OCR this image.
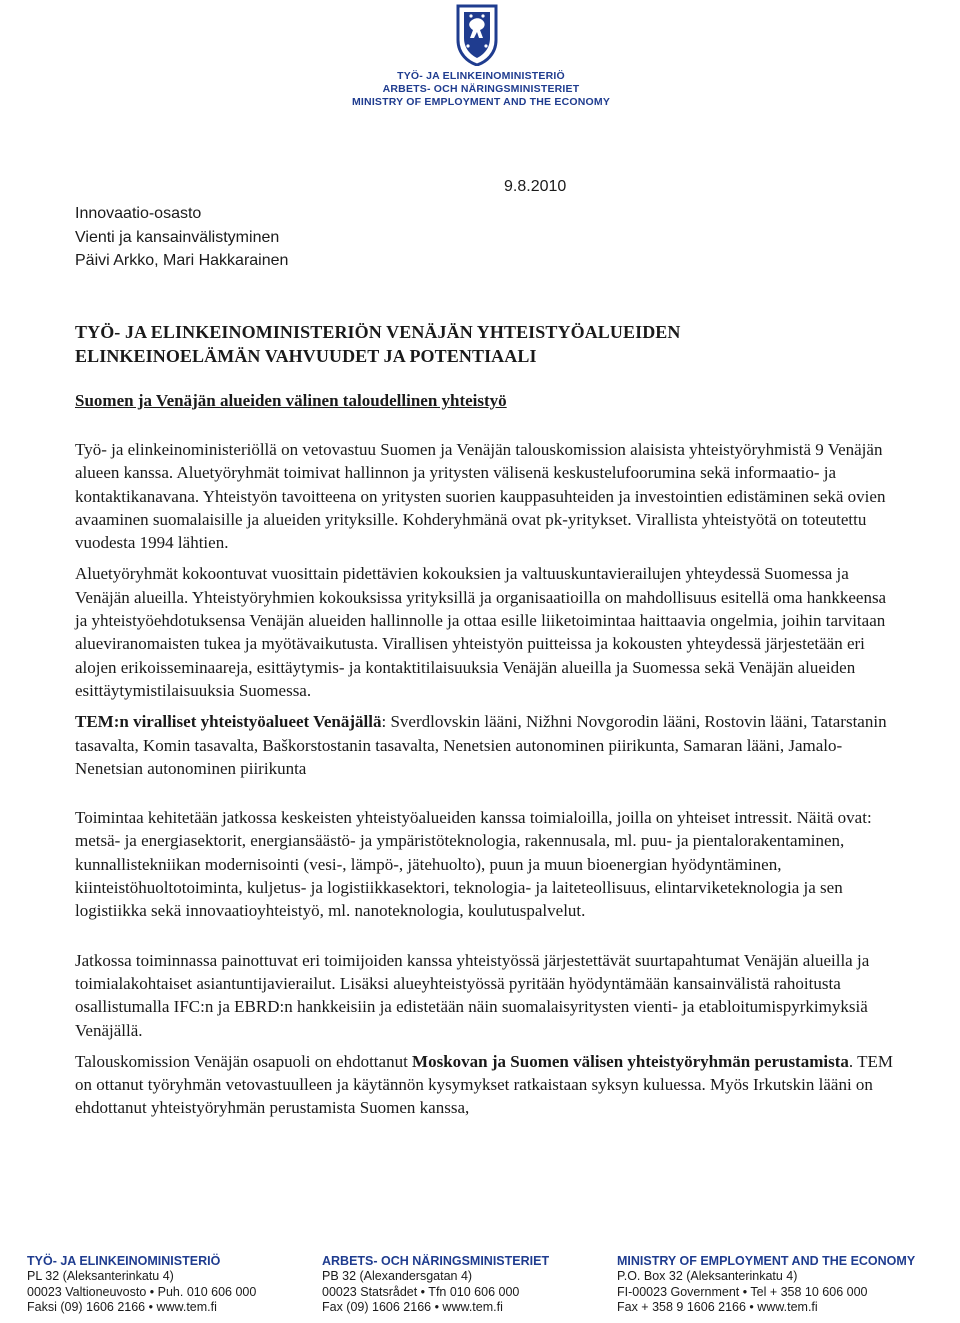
TYÖ- JA ELINKEINOMINISTERIÖ
ARBETS- OCH NÄRINGSMINISTERIET
MINISTRY OF EMPLOYMENT AND THE ECONOMY
Innovaatio-osasto
Vienti ja kansainvälistyminen
Päivi Arkko, Mari Hakkarainen
9.8.2010
TYÖ- JA ELINKEINOMINISTERIÖN VENÄJÄN YHTEISTYÖALUEIDEN
ELINKEINOELÄMÄN VAHVUUDET JA POTENTIAALI
Suomen ja Venäjän alueiden välinen taloudellinen yhteistyö

Työ- ja elinkeinoministeriöllä on vetovastuu Suomen ja Venäjän talouskomission alaisista yhteistyöryhmistä 9 Venäjän alueen kanssa. Aluetyöryhmät toimivat hallinnon ja yritysten välisenä keskustelufoorumina sekä informaatio- ja kontaktikanavana. Yhteistyön tavoitteena on yritysten suorien kauppasuhteiden ja investointien edistäminen sekä ovien avaaminen suomalaisille ja alueiden yrityksille. Kohderyhmänä ovat pk-yritykset. Virallista yhteistyötä on toteutettu vuodesta 1994 lähtien.

Aluetyöryhmät kokoontuvat vuosittain pidettävien kokouksien ja valtuuskuntavierailujen yhteydessä Suomessa ja Venäjän alueilla. Yhteistyöryhmien kokouksissa yrityksillä ja organisaatioilla on mahdollisuus esitellä oma hankkeensa ja yhteistyöehdotuksensa Venäjän alueiden hallinnolle ja ottaa esille liiketoimintaa haittaavia ongelmia, joihin tarvitaan alueviranomaisten tukea ja myötävaikutusta. Virallisen yhteistyön puitteissa ja kokousten yhteydessä järjestetään eri alojen erikoisseminaareja, esittäytymis- ja kontaktitilaisuuksia Venäjän alueilla ja Suomessa sekä Venäjän alueiden esittäytymistilaisuuksia Suomessa.

TEM:n viralliset yhteistyöalueet Venäjällä: Sverdlovskin lääni, Nižhni Novgorodin lääni, Rostovin lääni, Tatarstanin tasavalta, Komin tasavalta, Baškorstostanin tasavalta, Nenetsien autonominen piirikunta, Samaran lääni, Jamalo-Nenetsian autonominen piirikunta

Toimintaa kehitetään jatkossa keskeisten yhteistyöalueiden kanssa toimialoilla, joilla on yhteiset intressit. Näitä ovat: metsä- ja energiasektorit, energiansäästö- ja ympäristöteknologia, rakennusala, ml. puu- ja pientalorakentaminen, kunnallistekniikan modernisointi (vesi-, lämpö-, jätehuolto), puun ja muun bioenergian hyödyntäminen, kiinteistöhuoltotoiminta, kuljetus- ja logistiikkasektori, teknologia- ja laiteteollisuus, elintarviketeknologia ja sen logistiikka sekä innovaatioyhteistyö, ml. nanoteknologia, koulutuspalvelut.

Jatkossa toiminnassa painottuvat eri toimijoiden kanssa yhteistyössä järjestettävät suurtapahtumat Venäjän alueilla ja toimialakohtaiset asiantuntijavierailut. Lisäksi alueyhteistyössä pyritään hyödyntämään kansainvälistä rahoitusta osallistumalla IFC:n ja EBRD:n hankkeisiin ja edistetään näin suomalaisyritysten vienti- ja etabloitumispyrkimyksiä Venäjällä.

Talouskomission Venäjän osapuoli on ehdottanut Moskovan ja Suomen välisen yhteistyöryhmän perustamista. TEM on ottanut työryhmän vetovastuulleen ja käytännön kysymykset ratkaistaan syksyn kuluessa. Myös Irkutskin lääni on ehdottanut yhteistyöryhmän perustamista Suomen kanssa,

TYÖ- JA ELINKEINOMINISTERIÖ
PL 32 (Aleksanterinkatu 4)
00023 Valtioneuvosto • Puh. 010 606 000
Faksi (09) 1606 2166 • www.tem.fi
ARBETS- OCH NÄRINGSMINISTERIET
PB 32 (Alexandersgatan 4)
00023 Statsrådet • Tfn 010 606 000
Fax (09) 1606 2166 • www.tem.fi
MINISTRY OF EMPLOYMENT AND THE ECONOMY
P.O. Box 32 (Aleksanterinkatu 4)
FI-00023 Government • Tel + 358 10 606 000
Fax + 358 9 1606 2166 • www.tem.fi
